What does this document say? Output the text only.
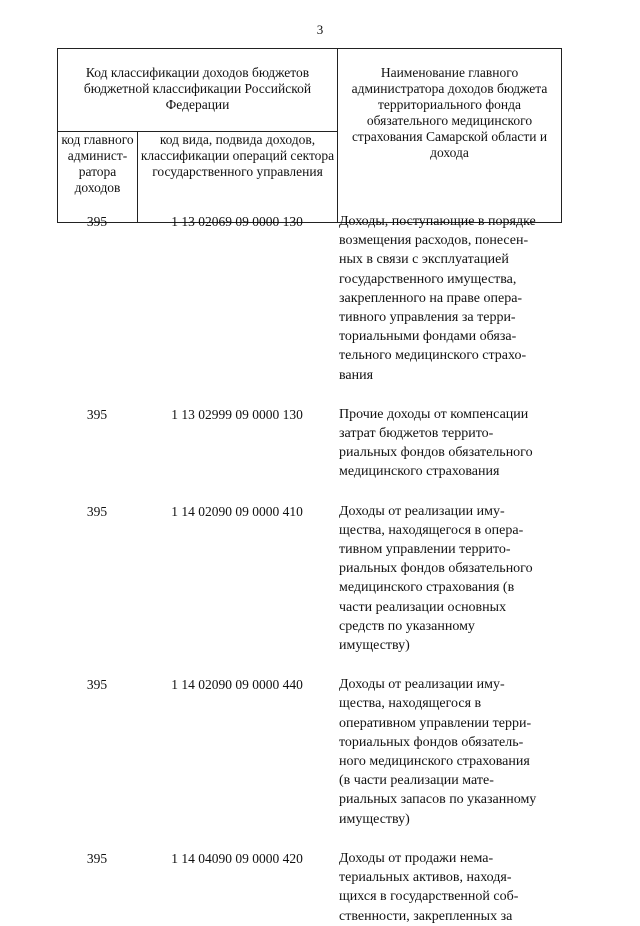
3
Код классификации доходов бюджетов бюджетной классификации Российской Федерации		Наименование главного администратора доходов бюджета территориального фонда обязательного медицинского страхования Самарской области и дохода
код главного админист-ратора доходов	код вида, подвида доходов, классификации операций сектора государственного управления	
395	1 13 02069 09 0000 130	Доходы, поступающие в порядке
возмещения расходов, понесен-
ных в связи с эксплуатацией
государственного имущества,
закрепленного на праве опера-
тивного управления за терри-
ториальными фондами обяза-
тельного медицинского страхо-
вания
395	1 13 02999 09 0000 130	Прочие доходы от компенсации
затрат бюджетов террито-
риальных фондов обязательного
медицинского страхования
395	1 14 02090 09 0000 410	Доходы от реализации иму-
щества, находящегося в опера-
тивном управлении террито-
риальных фондов обязательного
медицинского страхования (в
части реализации основных
средств по указанному
имуществу)
395	1 14 02090 09 0000 440	Доходы от реализации иму-
щества, находящегося в
оперативном управлении терри-
ториальных фондов обязатель-
ного медицинского страхования
(в части реализации мате-
риальных запасов по указанному
имуществу)
395	1 14 04090 09 0000 420	Доходы от продажи нема-
териальных активов, находя-
щихся в государственной соб-
ственности, закрепленных за
